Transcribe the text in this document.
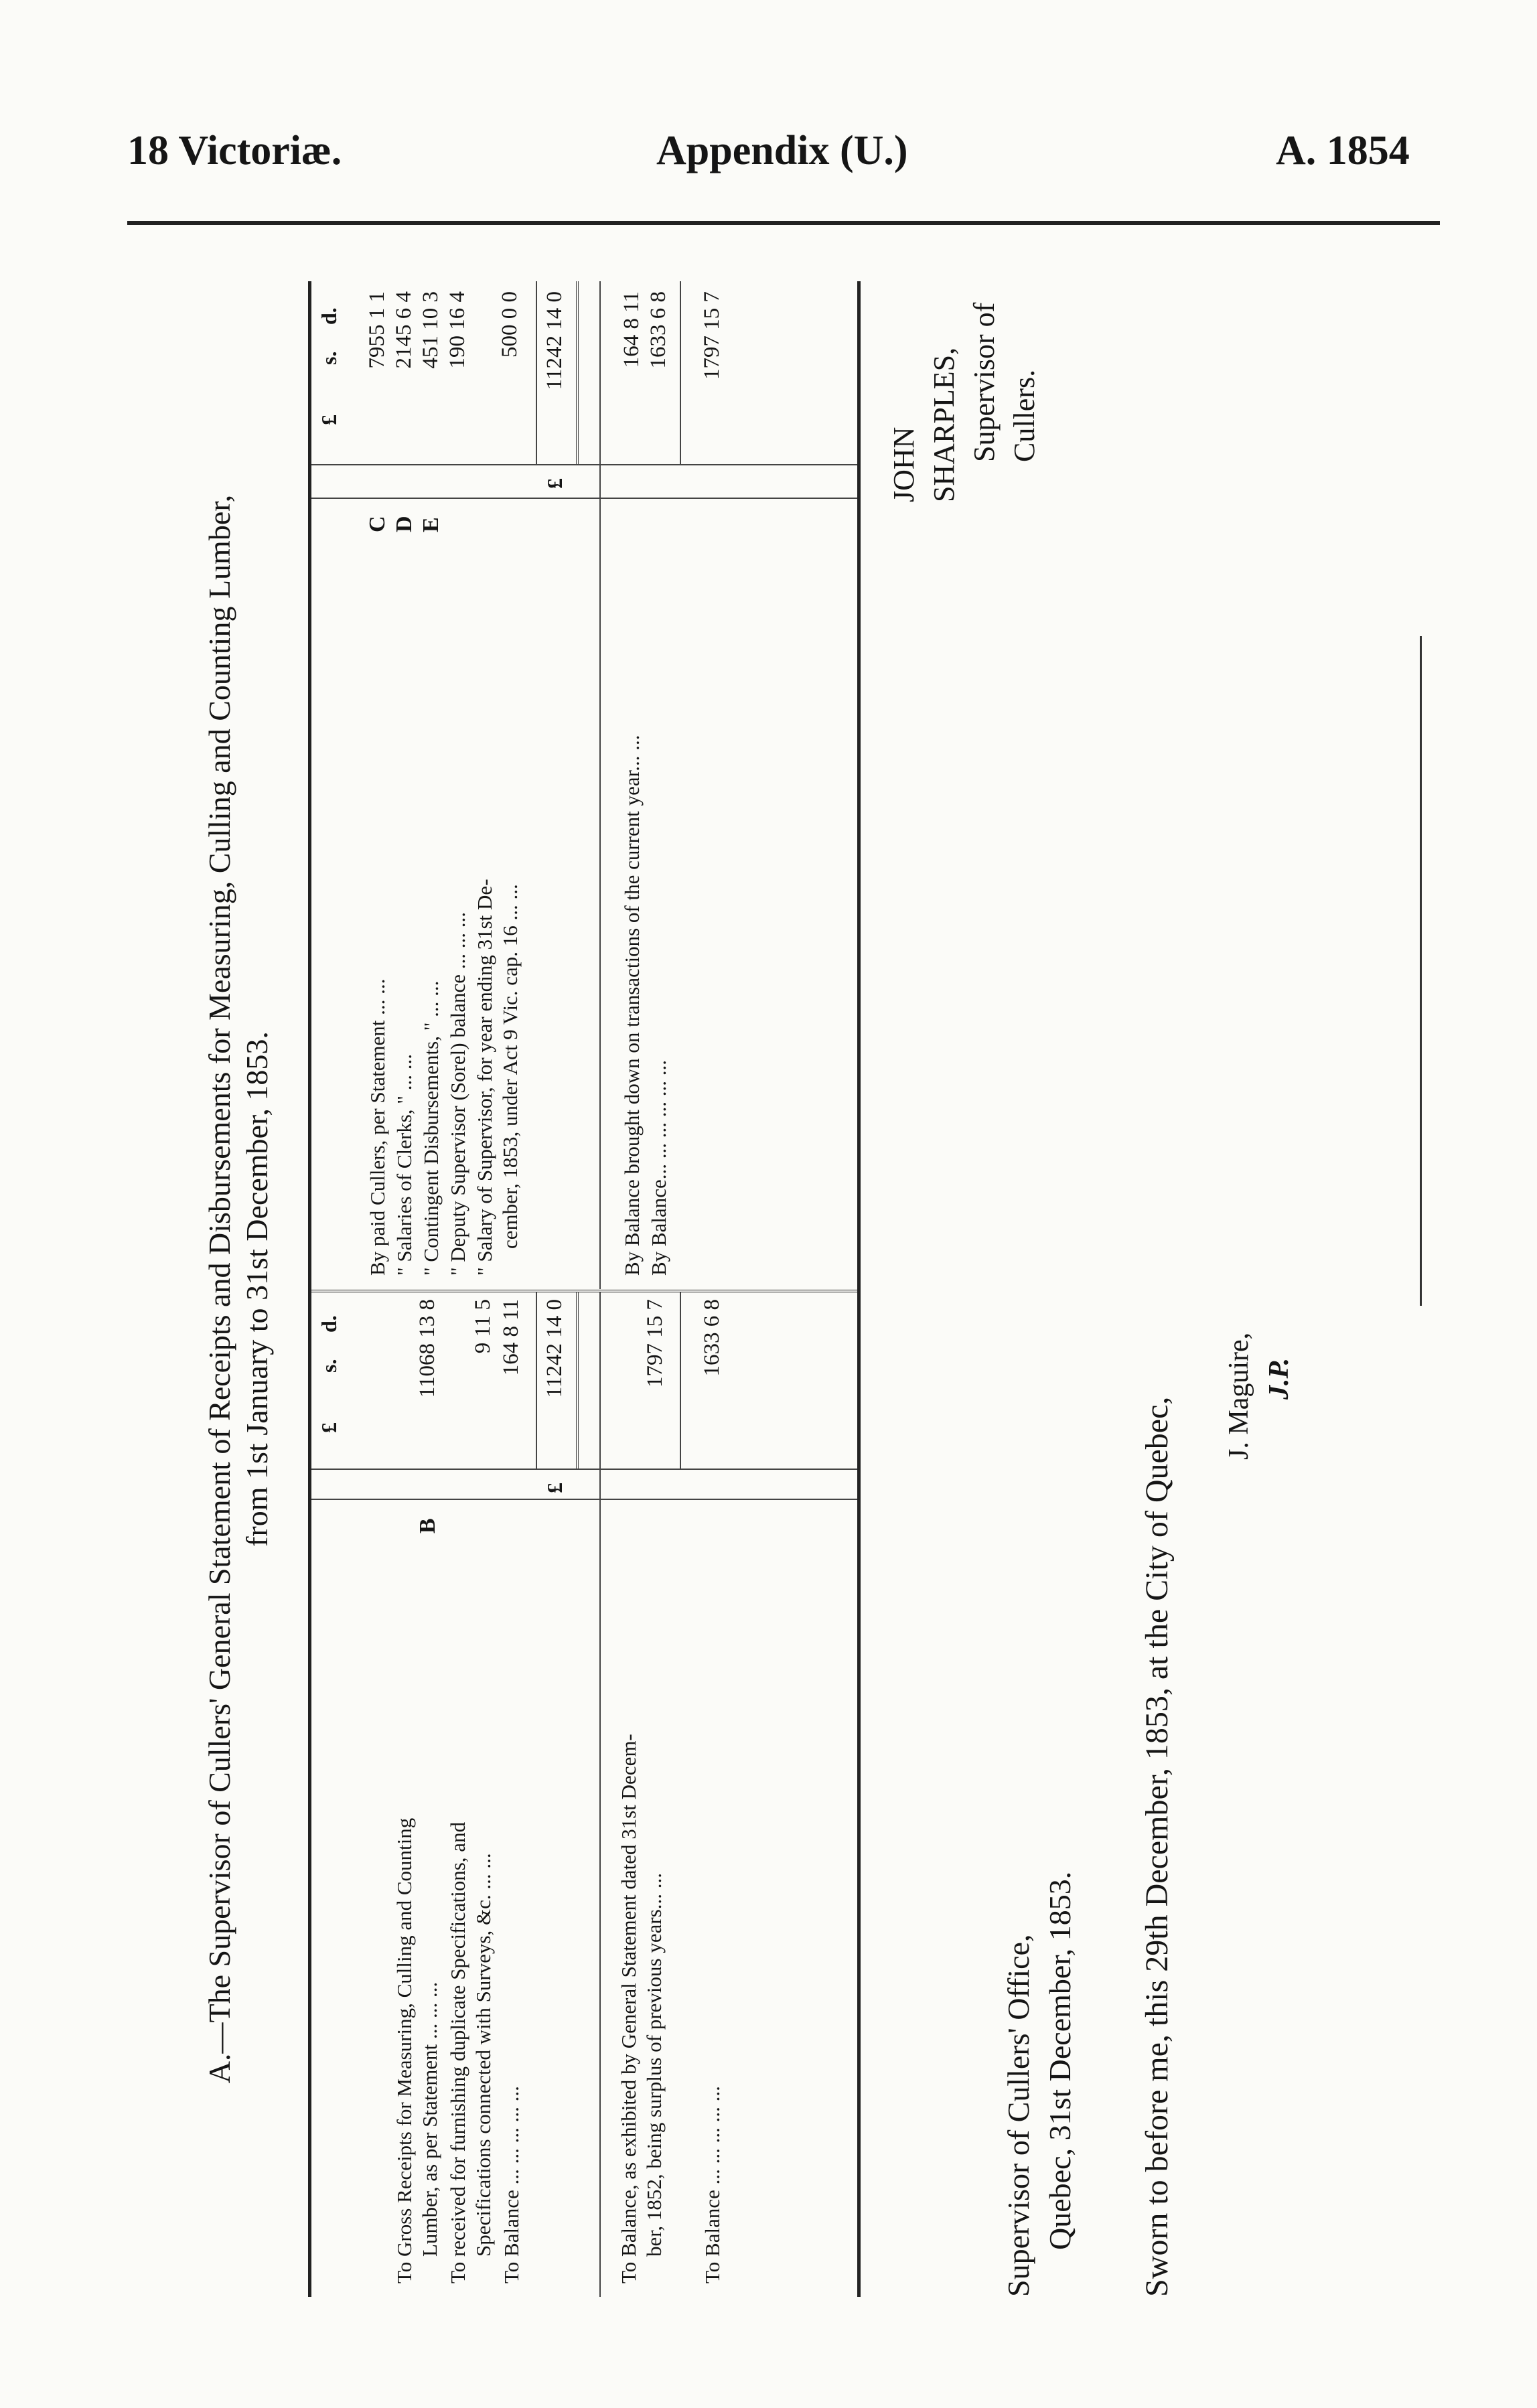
18 Victoriæ.	Appendix (U.)	A. 1854
A.—The Supervisor of Cullers' General Statement of Receipts and Disbursements for Measuring, Culling and Counting Lumber, from 1st January to 31st December, 1853. £
s.
d.
To Gross Receipts for Measuring, Culling and Counting Lumber, as per Statement ... ... ...
B
11068 13 8
To received for furnishing duplicate Specifications, and Specifications connected with Surveys, &c. ... ...
9 11 5
To Balance ... ... ... ... ...
164 8 11
£
11242 14 0
To Balance, as exhibited by General Statement dated 31st Decem- ber, 1852, being surplus of previous years... ...
1797 15 7
To Balance ... ... ... ... ...
1633 6 8
£
s.
d.
By paid Cullers, per Statement ... ...
C
7955 1 1
" Salaries of Clerks, " ... ...
D
2145 6 4
" Contingent Disbursements, " ... ...
E
451 10 3
" Deputy Supervisor (Sorel) balance ... ... ...
190 16 4
" Salary of Supervisor, for year ending 31st De- cember, 1853, under Act 9 Vic. cap. 16 ... ...
500 0 0
£
11242 14 0
By Balance brought down on transactions of the current year... ...
164 8 11
By Balance... ... ... ... ... ...
1633 6 8 1797 15 7
JOHN SHARPLES, Supervisor of Cullers.
Supervisor of Cullers' Office, Quebec, 31st December, 1853. Sworn to before me, this 29th December, 1853, at the City of Quebec,
J. Maguire, J.P.
